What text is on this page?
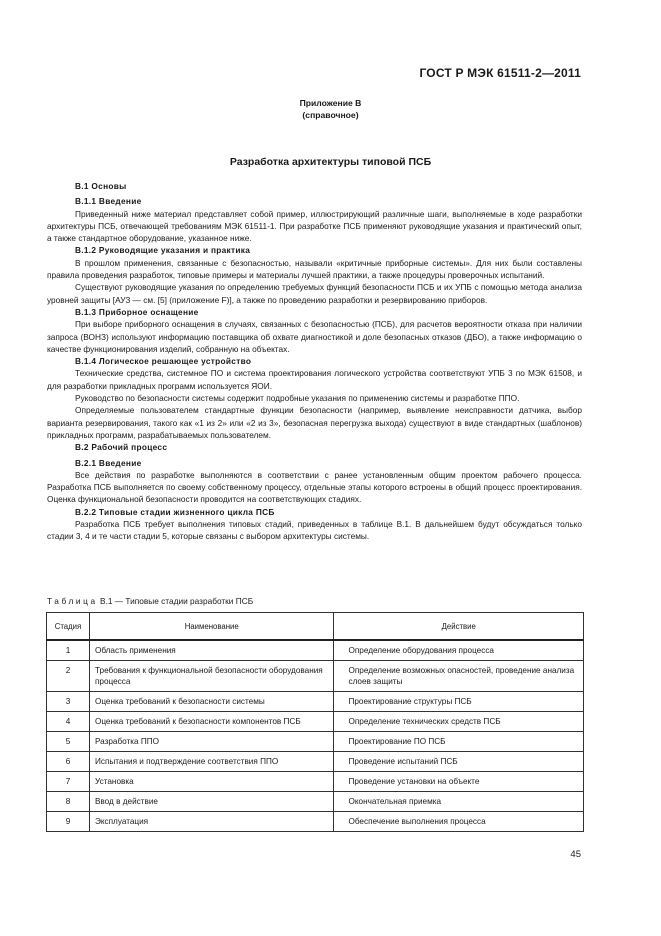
ГОСТ Р МЭК 61511-2—2011
Приложение В
(справочное)
Разработка архитектуры типовой ПСБ
В.1 Основы
В.1.1 Введение

Приведенный ниже материал представляет собой пример, иллюстрирующий различные шаги, выполняемые в ходе разработки архитектуры ПСБ, отвечающей требованиям МЭК 61511-1. При разработке ПСБ применяют руководящие указания и практический опыт, а также стандартное оборудование, указанное ниже.

В.1.2 Руководящие указания и практика

В прошлом применения, связанные с безопасностью, называли «критичные приборные системы». Для них были составлены правила проведения разработок, типовые примеры и материалы лучшей практики, а также процедуры проверочных испытаний.

Существуют руководящие указания по определению требуемых функций безопасности ПСБ и их УПБ с помощью метода анализа уровней защиты [АУЗ — см. [5] (приложение F)], а также по проведению разработки и резервированию приборов.

В.1.3 Приборное оснащение

При выборе приборного оснащения в случаях, связанных с безопасностью (ПСБ), для расчетов вероятности отказа при наличии запроса (ВОНЗ) используют информацию поставщика об охвате диагностикой и доле безопасных отказов (ДБО), а также информацию о качестве функционирования изделий, собранную на объектах.

В.1.4 Логическое решающее устройство

Технические средства, системное ПО и система проектирования логического устройства соответствуют УПБ 3 по МЭК 61508, и для разработки прикладных программ используется ЯОИ.

Руководство по безопасности системы содержит подробные указания по применению системы и разработке ППО.

Определяемые пользователем стандартные функции безопасности (например, выявление неисправности датчика, выбор варианта резервирования, такого как «1 из 2» или «2 из 3», безопасная перегрузка выхода) существуют в виде стандартных (шаблонов) прикладных программ, разрабатываемых пользователем.

В.2 Рабочий процесс
В.2.1 Введение

Все действия по разработке выполняются в соответствии с ранее установленным общим проектом рабочего процесса. Разработка ПСБ выполняется по своему собственному процессу, отдельные этапы которого встроены в общий процесс проектирования. Оценка функциональной безопасности проводится на соответствующих стадиях.

В.2.2 Типовые стадии жизненного цикла ПСБ

Разработка ПСБ требует выполнения типовых стадий, приведенных в таблице В.1. В дальнейшем будут обсуждаться только стадии 3, 4 и те части стадии 5, которые связаны с выбором архитектуры системы.

Таблица В.1 — Типовые стадии разработки ПСБ
Стадия	Наименование	Действие
1	Область применения	Определение оборудования процесса
2	Требования к функциональной безопасности оборудования процесса	Определение возможных опасностей, проведение анализа слоев защиты
3	Оценка требований к безопасности системы	Проектирование структуры ПСБ
4	Оценка требований к безопасности компонентов ПСБ	Определение технических средств ПСБ
5	Разработка ППО	Проектирование ПО ПСБ
6	Испытания и подтверждение соответствия ППО	Проведение испытаний ПСБ
7	Установка	Проведение установки на объекте
8	Ввод в действие	Окончательная приемка
9	Эксплуатация	Обеспечение выполнения процесса
45
